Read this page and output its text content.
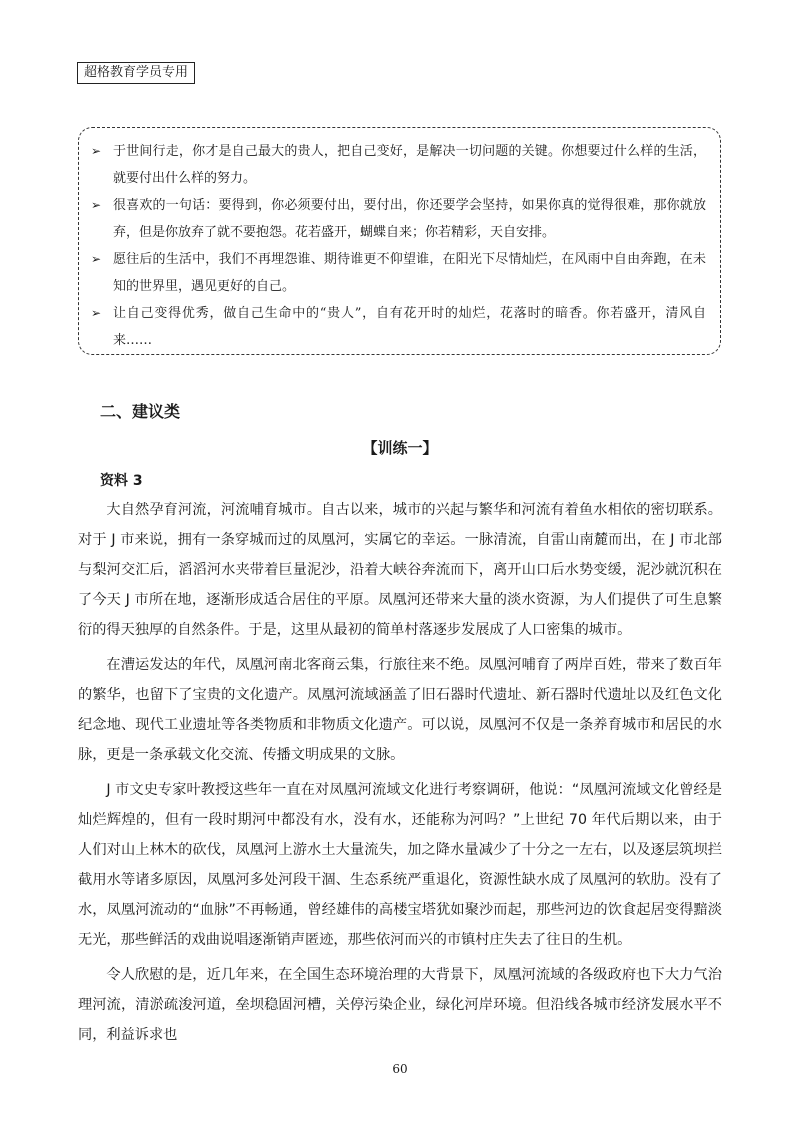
超格教育学员专用
➢ 于世间行走，你才是自己最大的贵人，把自己变好，是解决一切问题的关键。你想要过什么样的生活，就要付出什么样的努力。
➢ 很喜欢的一句话：要得到，你必须要付出，要付出，你还要学会坚持，如果你真的觉得很难，那你就放弃，但是你放弃了就不要抱怨。花若盛开，蝴蝶自来；你若精彩，天自安排。
➢ 愿往后的生活中，我们不再埋怨谁、期待谁更不仰望谁，在阳光下尽情灿烂，在风雨中自由奔跑，在未知的世界里，遇见更好的自己。
➢ 让自己变得优秀，做自己生命中的“贵人”，自有花开时的灿烂，花落时的暗香。你若盛开，清风自来……
二、建议类
【训练一】
资料 3

大自然孕育河流，河流哺育城市。自古以来，城市的兴起与繁华和河流有着鱼水相依的密切联系。对于 J 市来说，拥有一条穿城而过的凤凰河，实属它的幸运。一脉清流，自雷山南麓而出，在 J 市北部与梨河交汇后，滔滔河水夹带着巨量泥沙，沿着大峡谷奔流而下，离开山口后水势变缓，泥沙就沉积在了今天 J 市所在地，逐渐形成适合居住的平原。凤凰河还带来大量的淡水资源，为人们提供了可生息繁衍的得天独厚的自然条件。于是，这里从最初的简单村落逐步发展成了人口密集的城市。

在漕运发达的年代，凤凰河南北客商云集，行旅往来不绝。凤凰河哺育了两岸百姓，带来了数百年的繁华，也留下了宝贵的文化遗产。凤凰河流域涵盖了旧石器时代遗址、新石器时代遗址以及红色文化纪念地、现代工业遗址等各类物质和非物质文化遗产。可以说，凤凰河不仅是一条养育城市和居民的水脉，更是一条承载文化交流、传播文明成果的文脉。

J 市文史专家叶教授这些年一直在对凤凰河流域文化进行考察调研，他说：“凤凰河流域文化曾经是灿烂辉煌的，但有一段时期河中都没有水，没有水，还能称为河吗？”上世纪 70 年代后期以来，由于人们对山上林木的砍伐，凤凰河上游水土大量流失，加之降水量减少了十分之一左右，以及逐层筑坝拦截用水等诸多原因，凤凰河多处河段干涸、生态系统严重退化，资源性缺水成了凤凰河的软肋。没有了水，凤凰河流动的“血脉”不再畅通，曾经雄伟的高楼宝塔犹如聚沙而起，那些河边的饮食起居变得黯淡无光，那些鲜活的戏曲说唱逐渐销声匿迹，那些依河而兴的市镇村庄失去了往日的生机。

令人欣慰的是，近几年来，在全国生态环境治理的大背景下，凤凰河流域的各级政府也下大力气治理河流，清淤疏浚河道，垒坝稳固河槽，关停污染企业，绿化河岸环境。但沿线各城市经济发展水平不同，利益诉求也

60
